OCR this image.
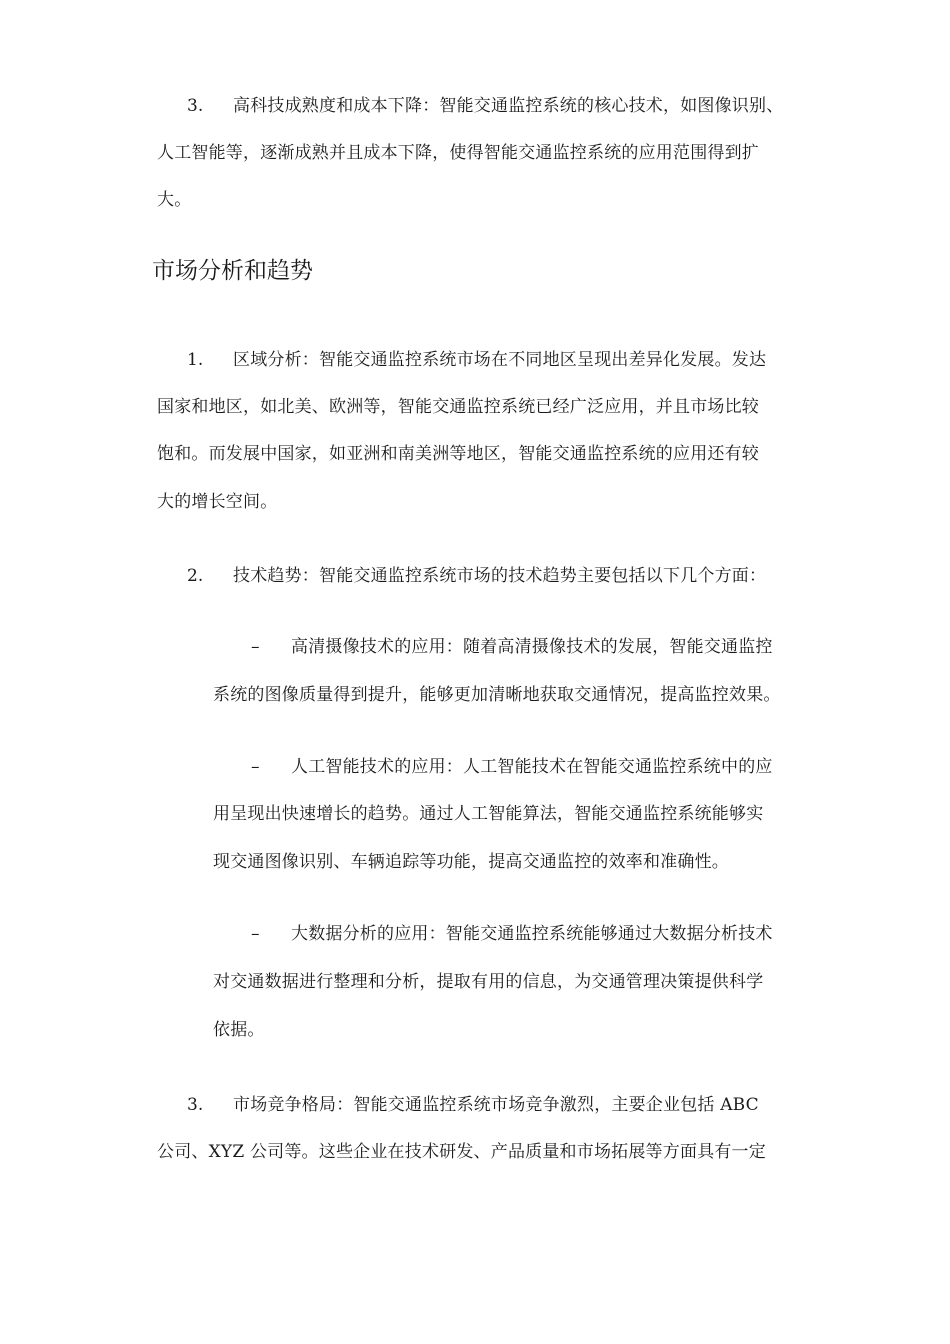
3. 高科技成熟度和成本下降：智能交通监控系统的核心技术，如图像识别、
人工智能等，逐渐成熟并且成本下降，使得智能交通监控系统的应用范围得到扩
大。
市场分析和趋势
1. 区域分析：智能交通监控系统市场在不同地区呈现出差异化发展。发达
国家和地区，如北美、欧洲等，智能交通监控系统已经广泛应用，并且市场比较
饱和。而发展中国家，如亚洲和南美洲等地区，智能交通监控系统的应用还有较
大的增长空间。
2. 技术趋势：智能交通监控系统市场的技术趋势主要包括以下几个方面：
– 高清摄像技术的应用：随着高清摄像技术的发展，智能交通监控
系统的图像质量得到提升，能够更加清晰地获取交通情况，提高监控效果。
– 人工智能技术的应用：人工智能技术在智能交通监控系统中的应
用呈现出快速增长的趋势。通过人工智能算法，智能交通监控系统能够实
现交通图像识别、车辆追踪等功能，提高交通监控的效率和准确性。
– 大数据分析的应用：智能交通监控系统能够通过大数据分析技术
对交通数据进行整理和分析，提取有用的信息，为交通管理决策提供科学
依据。
3. 市场竞争格局：智能交通监控系统市场竞争激烈，主要企业包括 ABC
公司、XYZ 公司等。这些企业在技术研发、产品质量和市场拓展等方面具有一定
